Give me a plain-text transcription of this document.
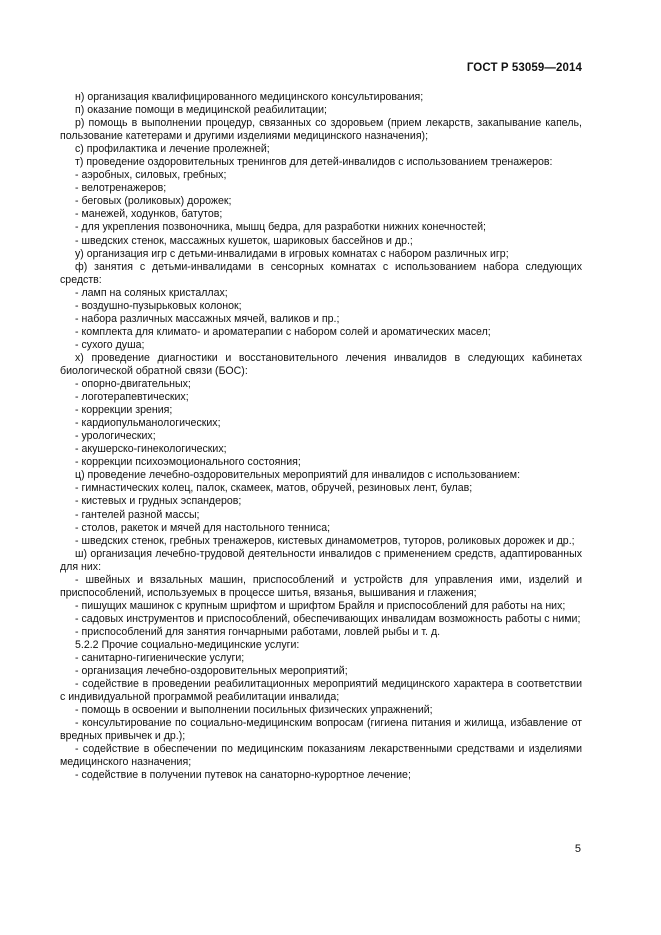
ГОСТ Р 53059—2014

н) организация квалифицированного медицинского консультирования;

п) оказание помощи в медицинской реабилитации;

р) помощь в выполнении процедур, связанных со здоровьем (прием лекарств, закапывание капель, пользование катетерами и другими изделиями медицинского назначения);

с) профилактика и лечение пролежней;

т) проведение оздоровительных тренингов для детей-инвалидов с использованием тренажеров:

- аэробных, силовых, гребных;

- велотренажеров;

- беговых (роликовых) дорожек;

- манежей, ходунков, батутов;

- для укрепления позвоночника, мышц бедра, для разработки нижних конечностей;

- шведских стенок, массажных кушеток, шариковых бассейнов и др.;

у) организация игр с детьми-инвалидами в игровых комнатах с набором различных игр;

ф) занятия с детьми-инвалидами в сенсорных комнатах с использованием набора следующих средств:

- ламп на соляных кристаллах;

- воздушно-пузырьковых колонок;

- набора различных массажных мячей, валиков и пр.;

- комплекта для климато- и ароматерапии с набором солей и ароматических масел;

- сухого душа;

х) проведение диагностики и восстановительного лечения инвалидов в следующих кабинетах биологической обратной связи (БОС):

- опорно-двигательных;

- логотерапевтических;

- коррекции зрения;

- кардиопульманологических;

- урологических;

- акушерско-гинекологических;

- коррекции психоэмоционального состояния;

ц) проведение лечебно-оздоровительных мероприятий для инвалидов с использованием:

- гимнастических колец, палок, скамеек, матов, обручей, резиновых лент, булав;

- кистевых и грудных эспандеров;

- гантелей разной массы;

- столов, ракеток и мячей для настольного тенниса;

- шведских стенок, гребных тренажеров, кистевых динамометров, туторов, роликовых дорожек и др.;

ш) организация лечебно-трудовой деятельности инвалидов с применением средств, адаптированных для них:

- швейных и вязальных машин, приспособлений и устройств для управления ими, изделий и приспособлений, используемых в процессе шитья, вязанья, вышивания и глажения;

- пишущих машинок с крупным шрифтом и шрифтом Брайля и приспособлений для работы на них;

- садовых инструментов и приспособлений, обеспечивающих инвалидам возможность работы с ними;

- приспособлений для занятия гончарными работами, ловлей рыбы и т. д.

5.2.2 Прочие социально-медицинские услуги:

- санитарно-гигиенические услуги;

- организация лечебно-оздоровительных мероприятий;

- содействие в проведении реабилитационных мероприятий медицинского характера в соответствии с индивидуальной программой реабилитации инвалида;

- помощь в освоении и выполнении посильных физических упражнений;

- консультирование по социально-медицинским вопросам (гигиена питания и жилища, избавление от вредных привычек и др.);

- содействие в обеспечении по медицинским показаниям лекарственными средствами и изделиями медицинского назначения;

- содействие в получении путевок на санаторно-курортное лечение;

5
